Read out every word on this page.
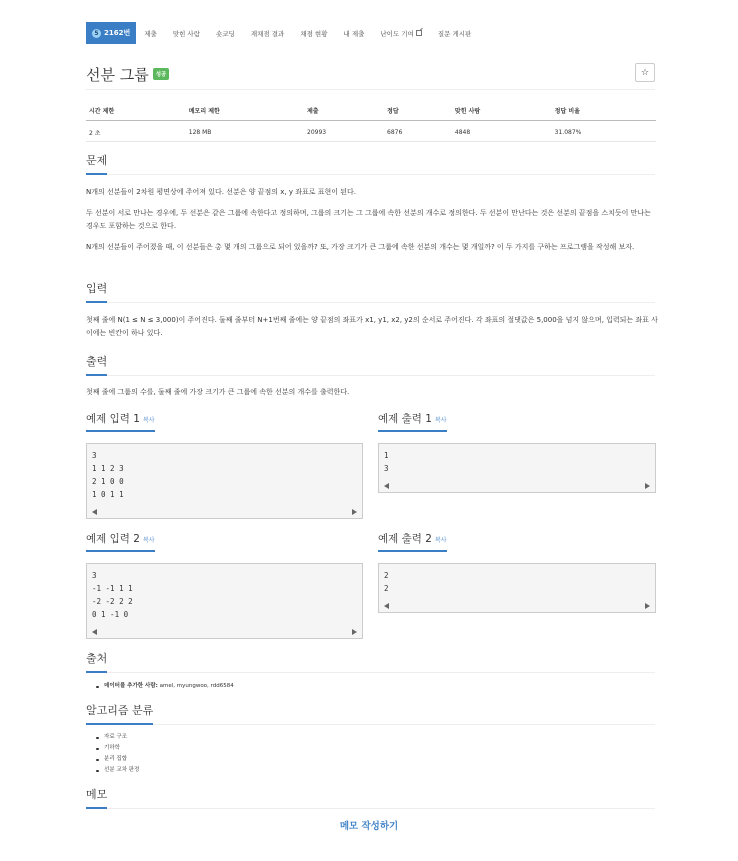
5 2162번 제출 맞힌 사람 숏코딩 재채점 결과 채점 현황 내 제출 난이도 기여	질문 게시판
선분 그룹	성공	☆
시간 제한	메모리 제한	제출	정답	맞힌 사람	정답 비율
2 초	128 MB	20993	6876	4848	31.087%
문제
N개의 선분들이 2차원 평면상에 주어져 있다. 선분은 양 끝점의 x, y 좌표로 표현이 된다.
두 선분이 서로 만나는 경우에, 두 선분은 같은 그룹에 속한다고 정의하며, 그룹의 크기는 그 그룹에 속한 선분의 개수로 정의한다. 두 선분이 만난다는 것은 선분의 끝점을 스치듯이 만나는 경우도 포함하는 것으로 한다.
N개의 선분들이 주어졌을 때, 이 선분들은 총 몇 개의 그룹으로 되어 있을까? 또, 가장 크기가 큰 그룹에 속한 선분의 개수는 몇 개일까? 이 두 가지를 구하는 프로그램을 작성해 보자.
입력
첫째 줄에 N(1 ≤ N ≤ 3,000)이 주어진다. 둘째 줄부터 N+1번째 줄에는 양 끝점의 좌표가 x1, y1, x2, y2의 순서로 주어진다. 각 좌표의 절댓값은 5,000을 넘지 않으며, 입력되는 좌표 사이에는 빈칸이 하나 있다.
출력
첫째 줄에 그룹의 수를, 둘째 줄에 가장 크기가 큰 그룹에 속한 선분의 개수를 출력한다.
예제 입력 1 복사	예제 출력 1 복사
3
1 1 2 3
2 1 0 0
1 0 1 1
1
3
예제 입력 2 복사	예제 출력 2 복사
3
-1 -1 1 1
-2 -2 2 2
0 1 -1 0
2
2
출처
데이터를 추가한 사람: amel, myungwoo, rdd6584
알고리즘 분류
자료 구조
기하학
분리 집합
선분 교차 판정
메모
메모 작성하기
